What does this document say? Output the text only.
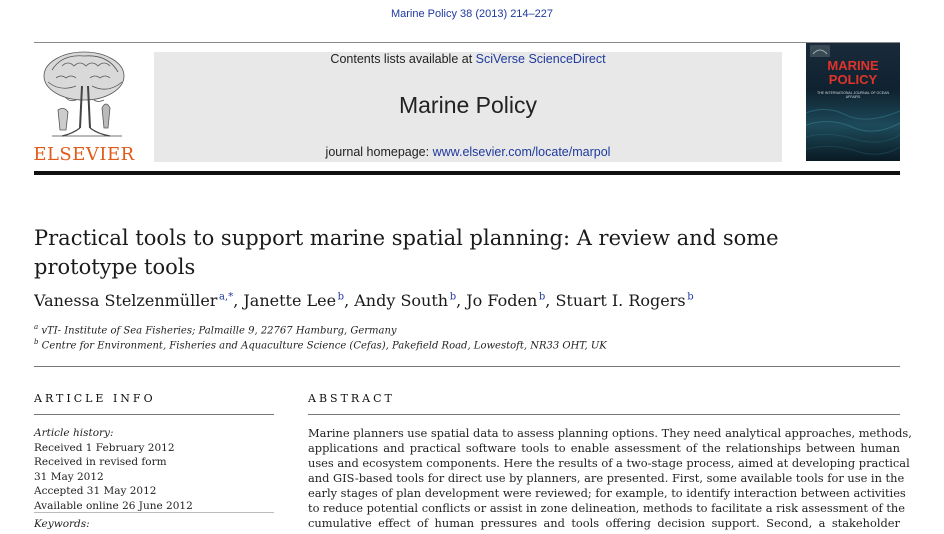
Marine Policy 38 (2013) 214–227
ELSEVIER
Contents lists available at SciVerse ScienceDirect
Marine Policy
journal homepage: www.elsevier.com/locate/marpol
MARINE
POLICY
THE INTERNATIONAL JOURNAL OF OCEAN AFFAIRS
Practical tools to support marine spatial planning: A review and some
prototype tools
Vanessa Stelzenmüller  $^{a,*}$, Janette Lee  $^b$, Andy South  $^b$, Jo Foden  $^b$, Stuart I. Rogers  $^b$
$^a$ vTI- Institute of Sea Fisheries; Palmaille 9, 22767 Hamburg, Germany
$^b$ Centre for Environment, Fisheries and Aquaculture Science (Cefas), Pakefield Road, Lowestoft, NR33 OHT, UK
ARTICLE INFO	ABSTRACT
Article history:
Received 1 February 2012
Received in revised form
31 May 2012
Accepted 31 May 2012
Available online 26 June 2012
Keywords:
Marine planners use spatial data to assess planning options. They need analytical approaches, methods,
applications and practical software tools to enable assessment of the relationships between human
uses and ecosystem components. Here the results of a two-stage process, aimed at developing practical
and GIS-based tools for direct use by planners, are presented. First, some available tools for use in the
early stages of plan development were reviewed; for example, to identify interaction between activities
to reduce potential conflicts or assist in zone delineation, methods to facilitate a risk assessment of the
cumulative effect of human pressures and tools offering decision support. Second, a stakeholder
